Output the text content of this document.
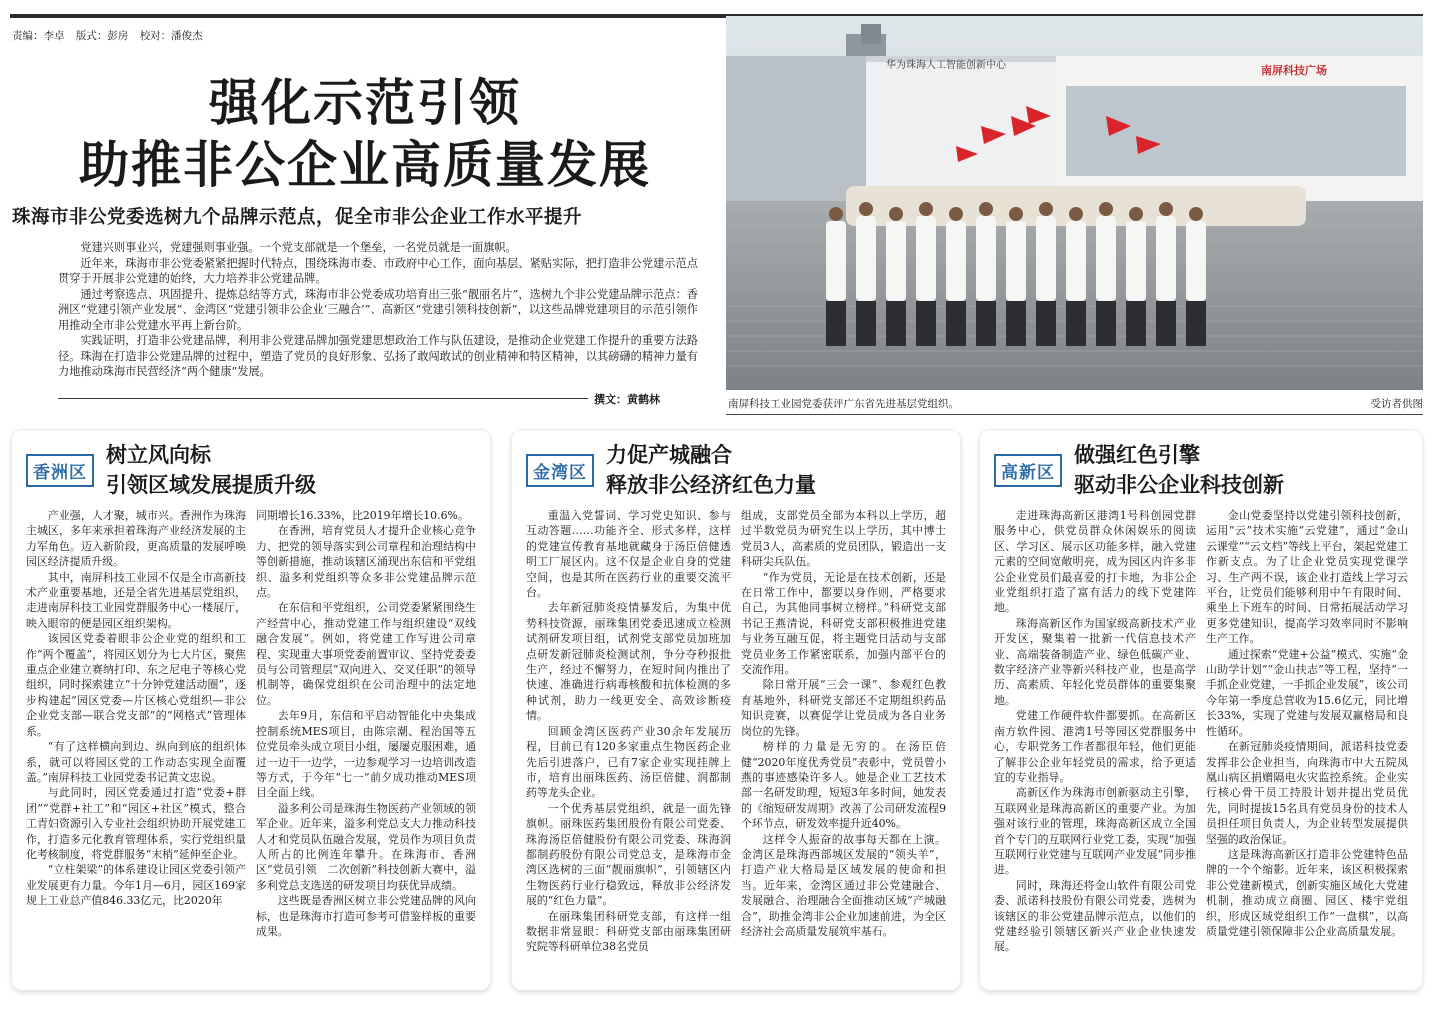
责编：李卓 版式：彭房 校对：潘俊杰
强化示范引领
助推非公企业高质量发展
珠海市非公党委选树九个品牌示范点，促全市非公企业工作水平提升

党建兴则事业兴，党建强则事业强。一个党支部就是一个堡垒，一名党员就是一面旗帜。

近年来，珠海市非公党委紧紧把握时代特点，围绕珠海市委、市政府中心工作，面向基层、紧贴实际，把打造非公党建示范点贯穿于开展非公党建的始终，大力培养非公党建品牌。

通过考察选点、巩固提升、提炼总结等方式，珠海市非公党委成功培育出三张“靓丽名片”，选树九个非公党建品牌示范点：香洲区“党建引领产业发展”、金湾区“党建引领非公企业‘三融合’”、高新区“党建引领科技创新”，以这些品牌党建项目的示范引领作用推动全市非公党建水平再上新台阶。

实践证明，打造非公党建品牌，利用非公党建品牌加强党建思想政治工作与队伍建设，是推动企业党建工作提升的重要方法路径。珠海在打造非公党建品牌的过程中，塑造了党员的良好形象、弘扬了敢闯敢试的创业精神和特区精神，以其磅礴的精神力量有力地推动珠海市民营经济“两个健康”发展。

撰文：黄鹤林
华为珠海人工智能创新中心	南屏科技广场
南屏科技工业园党委获评广东省先进基层党组织。	受访者供图
香洲区
树立风向标
引领区域发展提质升级

产业强，人才聚，城市兴。香洲作为珠海主城区，多年来承担着珠海产业经济发展的主力军角色。迈入新阶段，更高质量的发展呼唤园区经济提质升级。

其中，南屏科技工业园不仅是全市高新技术产业重要基地，还是全省先进基层党组织，走进南屏科技工业园党群服务中心一楼展厅，映入眼帘的便是园区组织架构。

该园区党委着眼非公企业党的组织和工作“两个覆盖”，将园区划分为七大片区，聚焦重点企业建立赛纳打印、东之尼电子等核心党组织，同时探索建立“十分钟党建活动圈”，逐步构建起“园区党委—片区核心党组织—非公企业党支部—联合党支部”的“网格式”管理体系。

“有了这样横向到边、纵向到底的组织体系，就可以将园区党的工作动态实现全面覆盖。”南屏科技工业园党委书记黄文忠说。

与此同时，园区党委通过打造“党委+群团”“党群+社工”和“园区+社区”模式，整合工青妇资源引入专业社会组织协助开展党建工作，打造多元化教育管理体系，实行党组织量化考核制度，将党群服务“末梢”延伸至企业。

“立柱架梁”的体系建设让园区党委引领产业发展更有力量。今年1月—6月，园区169家规上工业总产值846.33亿元，比2020年

同期增长16.33%，比2019年增长10.6%。

在香洲，培育党员人才提升企业核心竞争力、把党的领导落实到公司章程和治理结构中等创新措施，推动该辖区涌现出东信和平党组织、溢多利党组织等众多非公党建品牌示范点。

在东信和平党组织，公司党委紧紧围绕生产经营中心，推动党建工作与组织建设“双线融合发展”。例如，将党建工作写进公司章程、实现重大事项党委前置审议、坚持党委委员与公司管理层“双向进入、交叉任职”的领导机制等，确保党组织在公司治理中的法定地位。

去年9月，东信和平启动智能化中央集成控制系统MES项目，由陈宗潮、程治国等五位党员牵头成立项目小组，屡屡克服困难，通过一边干一边学，一边参观学习一边培训改造等方式，于今年“七一”前夕成功推动MES项目全面上线。

溢多利公司是珠海生物医药产业领域的领军企业。近年来，溢多利党总支大力推动科技人才和党员队伍融合发展，党员作为项目负责人所占的比例连年攀升。在珠海市、香洲区“党员引领　二次创新”科技创新大赛中，溢多利党总支选送的研发项目均获优异成绩。

这些既是香洲区树立非公党建品牌的风向标，也是珠海市打造可参考可借鉴样板的重要成果。

金湾区
力促产城融合
释放非公经济红色力量

重温入党誓词、学习党史知识、参与互动答题……功能齐全、形式多样，这样的党建宣传教育基地就藏身于汤臣倍健透明工厂展区内。这不仅是企业自身的党建空间，也是其所在医药行业的重要交流平台。

去年新冠肺炎疫情暴发后，为集中优势科技资源，丽珠集团党委迅速成立检测试剂研发项目组，试剂党支部党员加班加点研发新冠肺炎检测试剂，争分夺秒报批生产，经过不懈努力，在短时间内推出了快速、准确进行病毒核酸和抗体检测的多种试剂，助力一线更安全、高效诊断疫情。

回顾金湾区医药产业30余年发展历程，目前已有120多家重点生物医药企业先后引进落户，已有7家企业实现挂牌上市，培育出丽珠医药、汤臣倍健、润都制药等龙头企业。

一个优秀基层党组织，就是一面先锋旗帜。丽珠医药集团股份有限公司党委、珠海汤臣倍健股份有限公司党委、珠海润都制药股份有限公司党总支，是珠海市金湾区选树的三面“靓丽旗帜”，引领辖区内生物医药行业行稳致远，释放非公经济发展的“红色力量”。

在丽珠集团科研党支部，有这样一组数据非常显眼：科研党支部由丽珠集团研究院等科研单位38名党员

组成，支部党员全部为本科以上学历，超过半数党员为研究生以上学历，其中博士党员3人，高素质的党员团队，锻造出一支科研尖兵队伍。

“作为党员，无论是在技术创新，还是在日常工作中，都要以身作则，严格要求自己，为其他同事树立榜样。”科研党支部书记王燕清说，科研党支部积极推进党建与业务互融互促，将主题党日活动与支部党员业务工作紧密联系，加强内部平台的交流作用。

除日常开展“三会一课”、参观红色教育基地外，科研党支部还不定期组织药品知识竞赛，以赛促学让党员成为各自业务岗位的先锋。

榜样的力量是无穷的。在汤臣倍健“2020年度优秀党员”表彰中，党员曾小燕的事迹感染许多人。她是企业工艺技术部一名研发助理，短短3年多时间，她发表的《缩短研发周期》改善了公司研发流程9个环节点，研发效率提升近40%。

这样令人振奋的故事每天都在上演。金湾区是珠海西部城区发展的“领头羊”，打造产业大格局是区域发展的使命和担当。近年来，金湾区通过非公党建融合、发展融合、治理融合全面推动区域“产城融合”，助推金湾非公企业加速前进，为全区经济社会高质量发展筑牢基石。

高新区
做强红色引擎
驱动非公企业科技创新

走进珠海高新区港湾1号科创园党群服务中心，供党员群众休闲娱乐的阅读区、学习区、展示区功能多样，融入党建元素的空间宽敞明亮，成为园区内许多非公企业党员们最喜爱的打卡地，为非公企业党组织打造了富有活力的线下党建阵地。

珠海高新区作为国家级高新技术产业开发区，聚集着一批新一代信息技术产业、高端装备制造产业、绿色低碳产业、数字经济产业等新兴科技产业，也是高学历、高素质、年轻化党员群体的重要集聚地。

党建工作硬件软件都要抓。在高新区南方软件园、港湾1号等园区党群服务中心，专职党务工作者都很年轻，他们更能了解非公企业年轻党员的需求，给予更适宜的专业指导。

高新区作为珠海市创新驱动主引擎，互联网业是珠海高新区的重要产业。为加强对该行业的管理，珠海高新区成立全国首个专门的互联网行业党工委，实现“加强互联网行业党建与互联网产业发展”同步推进。

同时，珠海还将金山软件有限公司党委、派诺科技股份有限公司党委，选树为该辖区的非公党建品牌示范点，以他们的党建经验引领辖区新兴产业企业快速发展。

金山党委坚持以党建引领科技创新，运用“云”技术实施“云党建”，通过“金山云课堂”“云文档”等线上平台，架起党建工作新支点。为了让企业党员实现党课学习、生产两不误，该企业打造线上学习云平台，让党员们能够利用中午有限时间、乘坐上下班车的时间、日常拓展活动学习更多党建知识，提高学习效率同时不影响生产工作。

通过探索“党建+公益”模式、实施“金山助学计划”“金山扶志”等工程，坚持“一手抓企业党建，一手抓企业发展”，该公司今年第一季度总营收为15.6亿元，同比增长33%，实现了党建与发展双赢格局和良性循环。

在新冠肺炎疫情期间，派诺科技党委发挥非公企业担当，向珠海市中大五院凤凰山病区捐赠隔电火灾监控系统。企业实行核心骨干员工持股计划并提出党员优先，同时提拔15名具有党员身份的技术人员担任项目负责人，为企业转型发展提供坚强的政治保证。

这是珠海高新区打造非公党建特色品牌的一个个缩影。近年来，该区积极探索非公党建新模式，创新实施区域化大党建机制，推动成立商圈、园区、楼宇党组织，形成区域党组织工作“一盘棋”，以高质量党建引领保障非公企业高质量发展。
